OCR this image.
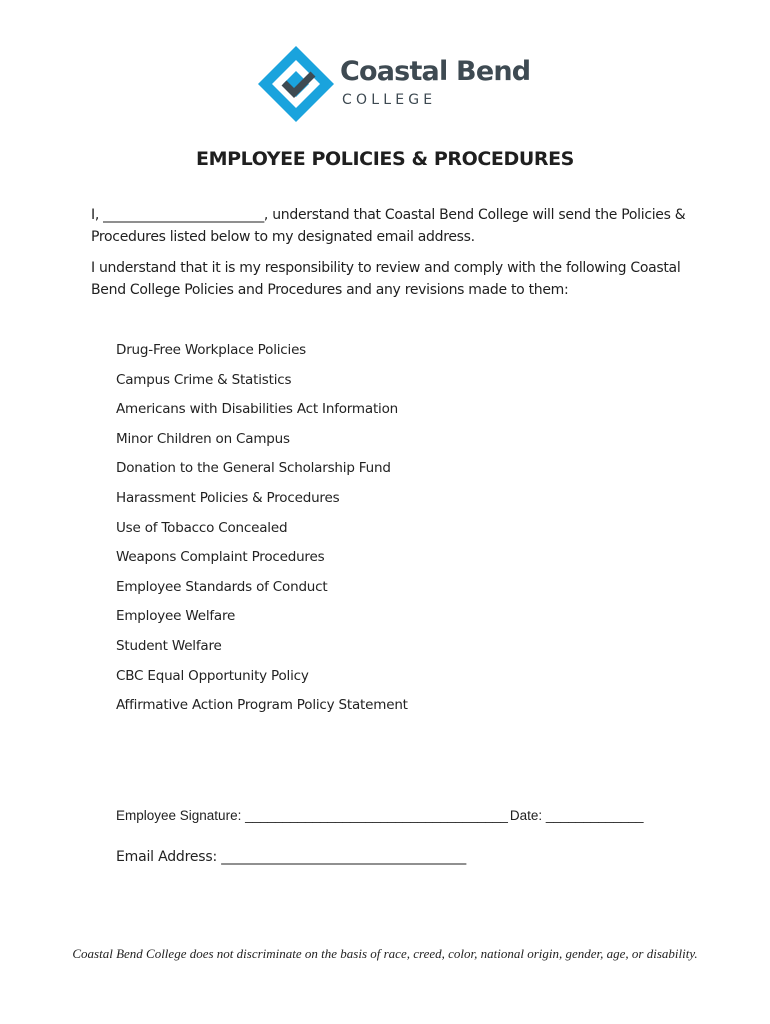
Coastal Bend
COLLEGE
EMPLOYEE POLICIES & PROCEDURES
I, ________________________, understand that Coastal Bend College will send the Policies & Procedures listed below to my designated email address.
I understand that it is my responsibility to review and comply with the following Coastal Bend College Policies and Procedures and any revisions made to them:
Drug-Free Workplace Policies
Campus Crime & Statistics
Americans with Disabilities Act Information
Minor Children on Campus
Donation to the General Scholarship Fund
Harassment Policies & Procedures
Use of Tobacco Concealed
Weapons Complaint Procedures
Employee Standards of Conduct
Employee Welfare
Student Welfare
CBC Equal Opportunity Policy
Affirmative Action Program Policy Statement
Employee Signature: ___________________________________ Date: _____________
Email Address: ____________________________________
Coastal Bend College does not discriminate on the basis of race, creed, color, national origin, gender, age, or disability.
